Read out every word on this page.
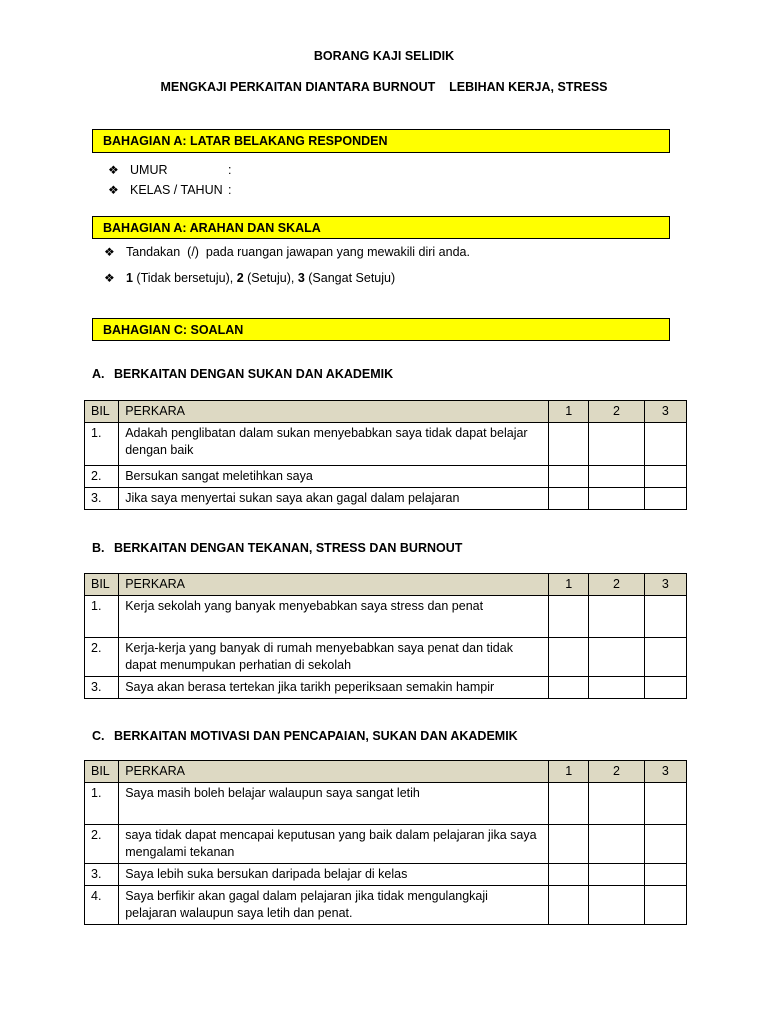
BORANG KAJI SELIDIK
MENGKAJI PERKAITAN DIANTARA BURNOUT    LEBIHAN KERJA, STRESS
BAHAGIAN A: LATAR BELAKANG RESPONDEN
❖ UMUR	:
❖ KELAS / TAHUN :
BAHAGIAN A: ARAHAN DAN SKALA
❖ Tandakan  (/)  pada ruangan jawapan yang mewakili diri anda.
❖ 1 (Tidak bersetuju), 2 (Setuju), 3 (Sangat Setuju)
BAHAGIAN C: SOALAN
A. BERKAITAN DENGAN SUKAN DAN AKADEMIK
BIL	PERKARA	1	2	3
1.	Adakah penglibatan dalam sukan menyebabkan saya tidak dapat belajar dengan baik			
2.	Bersukan sangat meletihkan saya			
3.	Jika saya menyertai sukan saya akan gagal dalam pelajaran			
B. BERKAITAN DENGAN TEKANAN, STRESS DAN BURNOUT
BIL	PERKARA	1	2	3
1.	Kerja sekolah yang banyak menyebabkan saya stress dan penat			
2.	Kerja-kerja yang banyak di rumah menyebabkan saya penat dan tidak dapat menumpukan perhatian di sekolah			
3.	Saya akan berasa tertekan jika tarikh peperiksaan semakin hampir			
C. BERKAITAN MOTIVASI DAN PENCAPAIAN, SUKAN DAN AKADEMIK
BIL	PERKARA	1	2	3
1.	Saya masih boleh belajar walaupun saya sangat letih			
2.	saya tidak dapat mencapai keputusan yang baik dalam pelajaran jika saya mengalami tekanan			
3.	Saya lebih suka bersukan daripada belajar di kelas			
4.	Saya berfikir akan gagal dalam pelajaran jika tidak mengulangkaji pelajaran walaupun saya letih dan penat.			
